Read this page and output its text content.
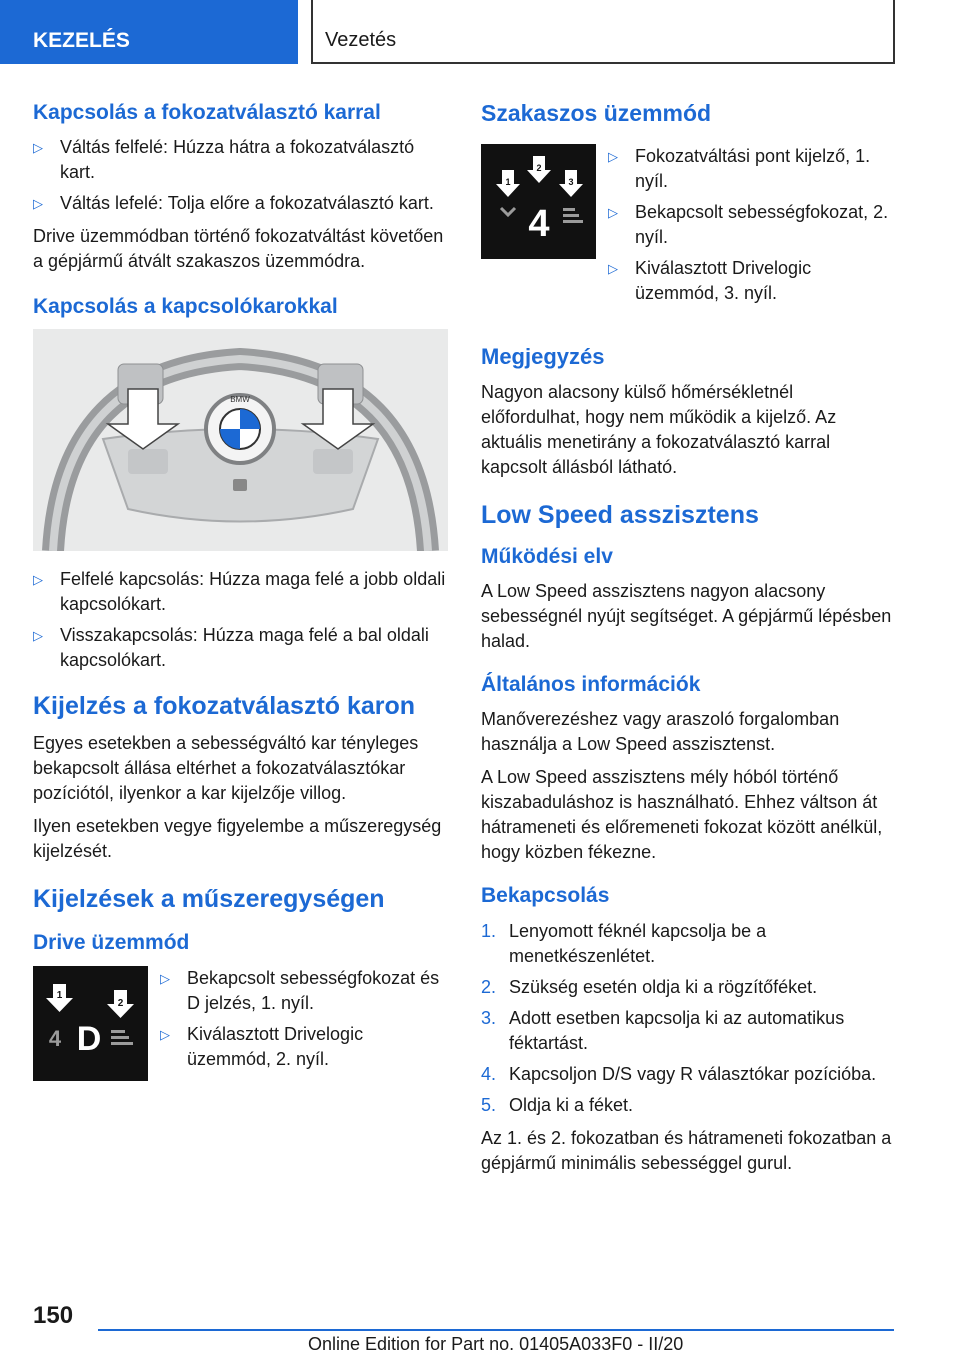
KEZELÉS	Vezetés
Kapcsolás a fokozatválasztó karral
▷ Váltás felfelé: Húzza hátra a fokozatválasztó kart.
▷ Váltás lefelé: Tolja előre a fokozatválasztó kart.

Drive üzemmódban történő fokozatváltást követően a gépjármű átvált szakaszos üzemmódra.

Kapcsolás a kapcsolókarokkal
BMW
▷ Felfelé kapcsolás: Húzza maga felé a jobb oldali kapcsolókart.
▷ Visszakapcsolás: Húzza maga felé a bal oldali kapcsolókart.
Kijelzés a fokozatválasztó karon

Egyes esetekben a sebességváltó kar tényleges bekapcsolt állása eltérhet a fokozatválasztókar pozíciótól, ilyenkor a kar kijelzője villog.

Ilyen esetekben vegye figyelembe a műszeregység kijelzését.

Kijelzések a műszeregységen
Drive üzemmód
1
2
4 D
▷ Bekapcsolt sebességfokozat és D jelzés, 1. nyíl.
▷ Kiválasztott Drivelogic üzemmód, 2. nyíl.
Szakaszos üzemmód
1
2
3
4
▷ Fokozatváltási pont kijelző, 1. nyíl.
▷ Bekapcsolt sebességfokozat, 2. nyíl.
▷ Kiválasztott Drivelogic üzemmód, 3. nyíl.
Megjegyzés

Nagyon alacsony külső hőmérsékletnél előfordulhat, hogy nem működik a kijelző. Az aktuális menetirány a fokozatválasztó karral kapcsolt állásból látható.

Low Speed asszisztens
Működési elv

A Low Speed asszisztens nagyon alacsony sebességnél nyújt segítséget. A gépjármű lépésben halad.

Általános információk

Manőverezéshez vagy araszoló forgalomban használja a Low Speed asszisztenst.

A Low Speed asszisztens mély hóból történő kiszabaduláshoz is használható. Ehhez váltson át hátrameneti és előremeneti fokozat között anélkül, hogy közben fékezne.

Bekapcsolás
1. Lenyomott féknél kapcsolja be a menetkészenlétet.
2. Szükség esetén oldja ki a rögzítőféket.
3. Adott esetben kapcsolja ki az automatikus féktartást.
4. Kapcsoljon D/S vagy R választókar pozícióba.
5. Oldja ki a féket.

Az 1. és 2. fokozatban és hátrameneti fokozatban a gépjármű minimális sebességgel gurul.

150
Online Edition for Part no. 01405A033F0 - II/20
